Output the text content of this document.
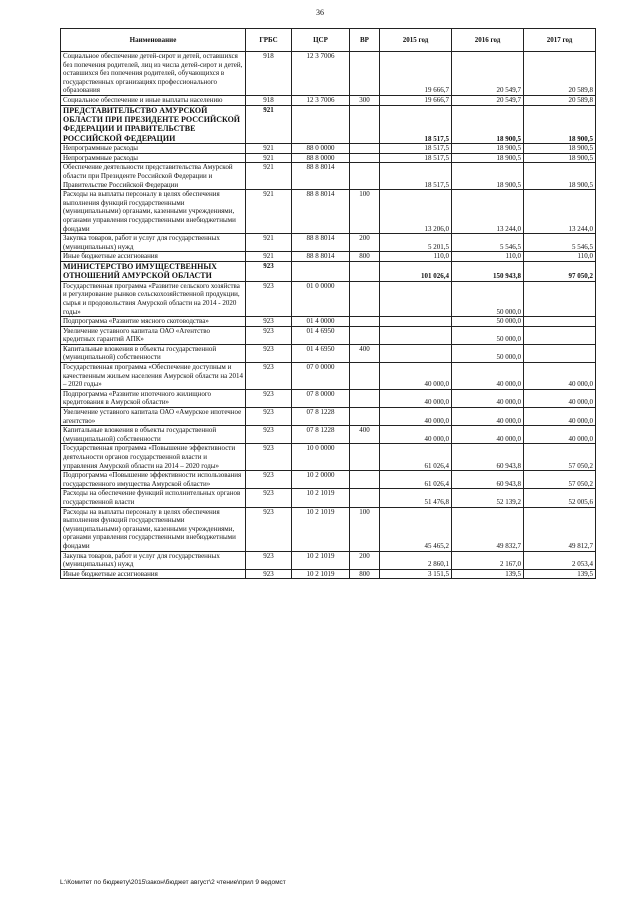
36
Наименование	ГРБС	ЦСР	ВР	2015 год	2016 год	2017 год
Социальное обеспечение детей-сирот и детей, оставшихся без попечения родителей, лиц из числа детей-сирот и детей, оставшихся без попечения родителей, обучающихся в государственных организациях профессионального образования	918	12 3 7006		19 666,7	20 549,7	20 589,8
Социальное обеспечение и иные выплаты населению	918	12 3 7006	300	19 666,7	20 549,7	20 589,8
ПРЕДСТАВИТЕЛЬСТВО АМУРСКОЙ ОБЛАСТИ ПРИ ПРЕЗИДЕНТЕ РОССИЙСКОЙ ФЕДЕРАЦИИ И ПРАВИТЕЛЬСТВЕ РОССИЙСКОЙ ФЕДЕРАЦИИ	921			18 517,5	18 900,5	18 900,5
Непрограммные расходы	921	88 0 0000		18 517,5	18 900,5	18 900,5
Непрограммные расходы	921	88 8 0000		18 517,5	18 900,5	18 900,5
Обеспечение деятельности представительства Амурской области при Президенте Российской Федерации и Правительстве Российской Федерации	921	88 8 8014		18 517,5	18 900,5	18 900,5
Расходы на выплаты персоналу в целях обеспечения выполнения функций государственными (муниципальными) органами, казенными учреждениями, органами управления государственными внебюджетными фондами	921	88 8 8014	100	13 206,0	13 244,0	13 244,0
Закупка товаров, работ и услуг для государственных (муниципальных) нужд	921	88 8 8014	200	5 201,5	5 546,5	5 546,5
Иные бюджетные ассигнования	921	88 8 8014	800	110,0	110,0	110,0
МИНИСТЕРСТВО ИМУЩЕСТВЕННЫХ ОТНОШЕНИЙ АМУРСКОЙ ОБЛАСТИ	923			101 026,4	150 943,8	97 050,2
Государственная программа «Развитие сельского хозяйства и регулирование рынков сельскохозяйственной продукции, сырья и продовольствия Амурской области на 2014 - 2020 годы»	923	01 0 0000			50 000,0	
Подпрограмма «Развитие мясного скотоводства»	923	01 4 0000			50 000,0	
Увеличение уставного капитала ОАО «Агентство кредитных гарантий АПК»	923	01 4 6950			50 000,0	
Капитальные вложения в объекты государственной (муниципальной) собственности	923	01 4 6950	400		50 000,0	
Государственная программа «Обеспечение доступным и качественным жильем населения Амурской области на 2014 – 2020 годы»	923	07 0 0000		40 000,0	40 000,0	40 000,0
Подпрограмма «Развитие ипотечного жилищного кредитования в Амурской области»	923	07 8 0000		40 000,0	40 000,0	40 000,0
Увеличение уставного капитала ОАО «Амурское ипотечное агентство»	923	07 8 1228		40 000,0	40 000,0	40 000,0
Капитальные вложения в объекты государственной (муниципальной) собственности	923	07 8 1228	400	40 000,0	40 000,0	40 000,0
Государственная программа «Повышение эффективности деятельности органов государственной власти и управления Амурской области на 2014 – 2020 годы»	923	10 0 0000		61 026,4	60 943,8	57 050,2
Подпрограмма «Повышение эффективности использования государственного имущества Амурской области»	923	10 2 0000		61 026,4	60 943,8	57 050,2
Расходы на обеспечение функций исполнительных органов государственной власти	923	10 2 1019		51 476,8	52 139,2	52 005,6
Расходы на выплаты персоналу в целях обеспечения выполнения функций государственными (муниципальными) органами, казенными учреждениями, органами управления государственными внебюджетными фондами	923	10 2 1019	100	45 465,2	49 832,7	49 812,7
Закупка товаров, работ и услуг для государственных (муниципальных) нужд	923	10 2 1019	200	2 860,1	2 167,0	2 053,4
Иные бюджетные ассигнования	923	10 2 1019	800	3 151,5	139,5	139,5
L:\Комитет по бюджету\2015\закон\бюджет август\2 чтение\прил 9 ведомст
